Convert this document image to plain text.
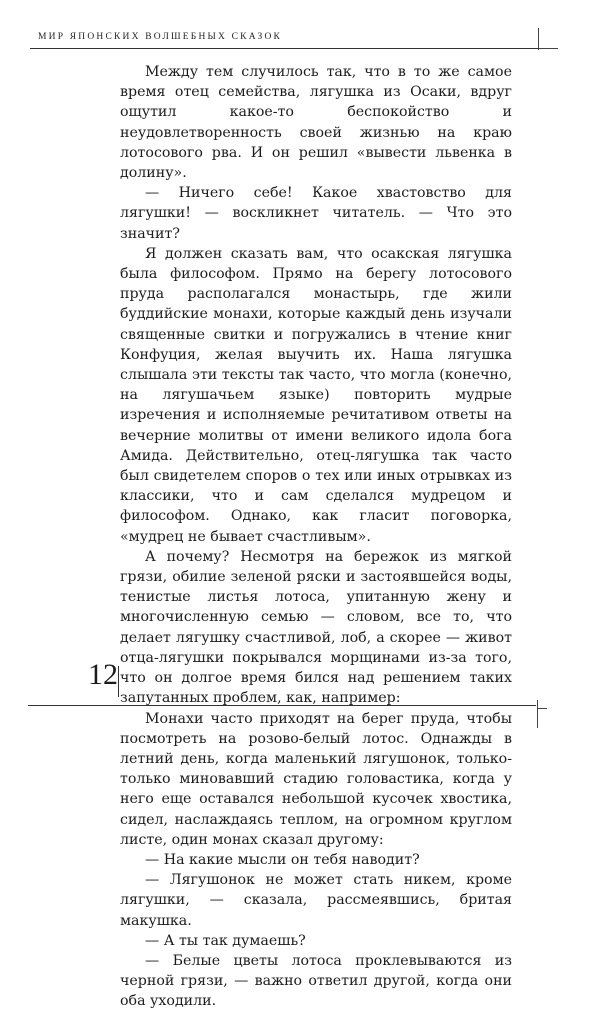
МИР ЯПОНСКИХ ВОЛШЕБНЫХ СКАЗОК

Между тем случилось так, что в то же самое время отец семейства, лягушка из Осаки, вдруг ощутил какое-то беспокойство и неудовлетворенность своей жизнью на краю лотосового рва. И он решил «вывести львенка в долину».

— Ничего себе! Какое хвастовство для лягушки! — воскликнет читатель. — Что это значит?

Я должен сказать вам, что осакская лягушка была философом. Прямо на берегу лотосового пруда располагался монастырь, где жили буддийские монахи, которые каждый день изучали священные свитки и погружались в чтение книг Конфуция, желая выучить их. Наша лягушка слышала эти тексты так часто, что могла (конечно, на лягушачьем языке) повторить мудрые изречения и исполняемые речитативом ответы на вечерние молитвы от имени великого идола бога Амида. Действительно, отец-лягушка так часто был свидетелем споров о тех или иных отрывках из классики, что и сам сделался мудрецом и философом. Однако, как гласит поговорка, «мудрец не бывает счастливым».

А почему? Несмотря на бережок из мягкой грязи, обилие зеленой ряски и застоявшейся воды, тенистые листья лотоса, упитанную жену и многочисленную семью — словом, все то, что делает лягушку счастливой, лоб, а скорее — живот отца-лягушки покрывался морщинами из-за того, что он долгое время бился над решением таких запутанных проблем, как, например:

Монахи часто приходят на берег пруда, чтобы посмотреть на розово-белый лотос. Однажды в летний день, когда маленький лягушонок, только-только миновавший стадию головастика, когда у него еще оставался небольшой кусочек хвостика, сидел, наслаждаясь теплом, на огромном круглом листе, один монах сказал другому:

— На какие мысли он тебя наводит?

— Лягушонок не может стать никем, кроме лягушки, — сказала, рассмеявшись, бритая макушка.

— А ты так думаешь?

— Белые цветы лотоса проклевываются из черной грязи, — важно ответил другой, когда они оба уходили.

12
